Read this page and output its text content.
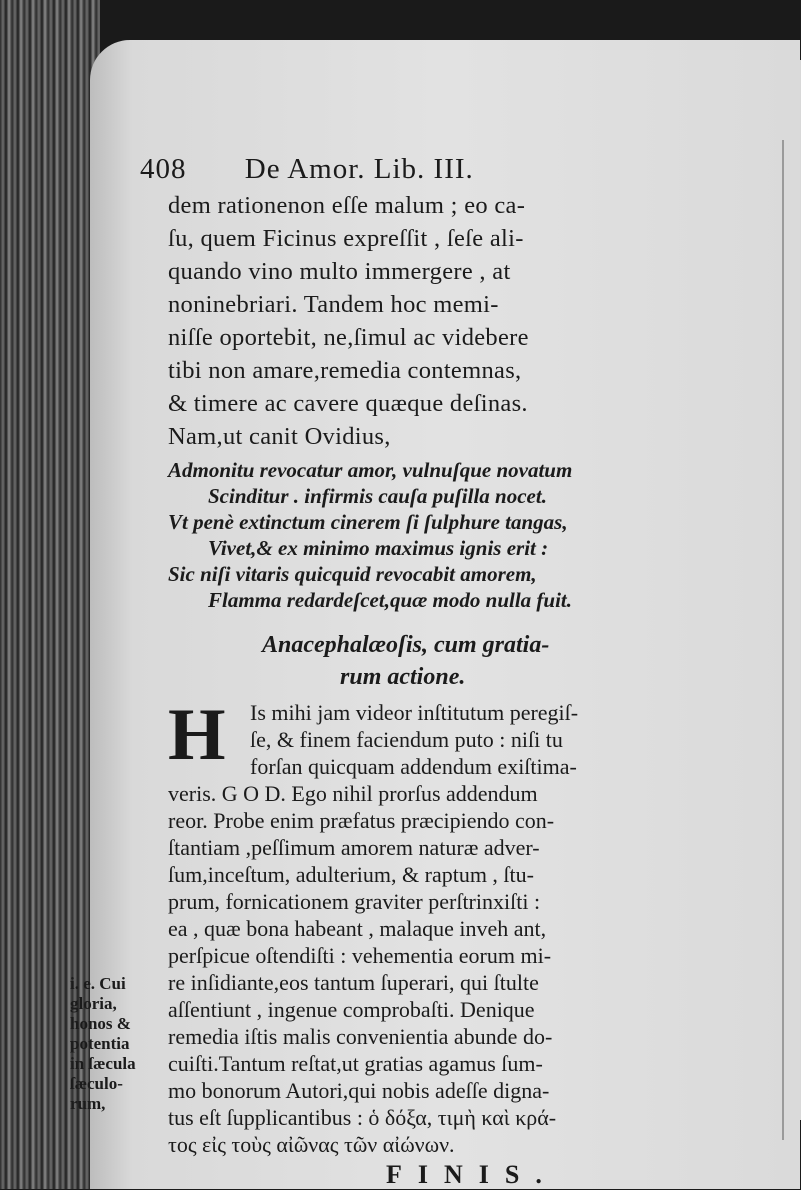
408 De Amor. Lib. III.
dem rationenon eſſe malum ; eo ca-
ſu, quem Ficinus expreſſit , ſeſe ali-
quando vino multo immergere , at
noninebriari. Tandem hoc memi-
niſſe oportebit, ne,ſimul ac videbere
tibi non amare,remedia contemnas,
& timere ac cavere quæque deſinas.
Nam,ut canit Ovidius,
Admonitu revocatur amor, vulnuſque novatum
Scinditur . infirmis cauſa puſilla nocet.
Vt penè extinctum cinerem ſi ſulphure tangas,
Vivet,& ex minimo maximus ignis erit :
Sic niſi vitaris quicquid revocabit amorem,
Flamma redardeſcet,quæ modo nulla fuit.
Anacephalæoſis, cum gratia-
rum actione.
H Is mihi jam videor inſtitutum peregiſ-
ſe, & finem faciendum puto : niſi tu
forſan quicquam addendum exiſtima-
veris. G O D. Ego nihil prorſus addendum
reor. Probe enim præfatus præcipiendo con-
ſtantiam ,peſſimum amorem naturæ adver-
ſum,inceſtum, adulterium, & raptum , ſtu-
prum, fornicationem graviter perſtrinxiſti :
ea , quæ bona habeant , malaque inveh ant,
perſpicue oſtendiſti : vehementia eorum mi-
re inſidiante,eos tantum ſuperari, qui ſtulte
aſſentiunt , ingenue comprobaſti. Denique
remedia iſtis malis convenientia abunde do-
cuiſti.Tantum reſtat,ut gratias agamus ſum-
mo bonorum Autori,qui nobis adeſſe digna-
tus eſt ſupplicantibus : ὁ δόξα, τιμὴ καὶ κρά-
τος εἰς τοὺς αἰῶνας τῶν αἰώνων.
i. e. Cui
gloria,
honos &
potentia
in ſæcula
ſæculo-
rum,
FINIS.
